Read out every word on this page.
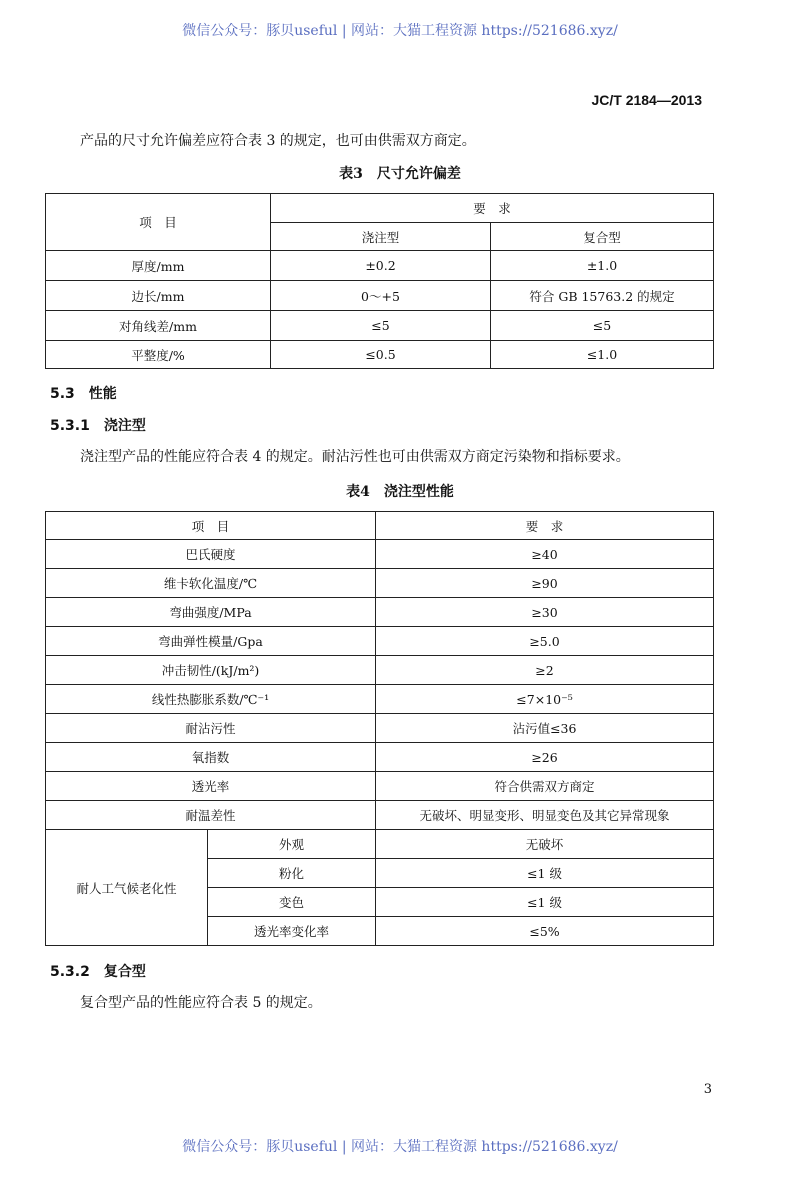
微信公众号：豚贝useful | 网站：大猫工程资源 https://521686.xyz/
JC/T 2184—2013
产品的尺寸允许偏差应符合表 3 的规定，也可由供需双方商定。
表3　尺寸允许偏差
项　目	要　求	
	浇注型	复合型
厚度/mm	±0.2	±1.0
边长/mm	0～+5	符合 GB 15763.2 的规定
对角线差/mm	≤5	≤5
平整度/%	≤0.5	≤1.0
5.3　性能
5.3.1　浇注型
浇注型产品的性能应符合表 4 的规定。耐沾污性也可由供需双方商定污染物和指标要求。
表4　浇注型性能
项　目		要　求
巴氏硬度		≥40
维卡软化温度/℃		≥90
弯曲强度/MPa		≥30
弯曲弹性模量/Gpa		≥5.0
冲击韧性/(kJ/m²)		≥2
线性热膨胀系数/℃⁻¹		≤7×10⁻⁵
耐沾污性		沾污值≤36
氧指数		≥26
透光率		符合供需双方商定
耐温差性		无破坏、明显变形、明显变色及其它异常现象
耐人工气候老化性	外观	无破坏
	粉化	≤1 级
	变色	≤1 级
	透光率变化率	≤5%
5.3.2　复合型
复合型产品的性能应符合表 5 的规定。
3
微信公众号：豚贝useful | 网站：大猫工程资源 https://521686.xyz/
